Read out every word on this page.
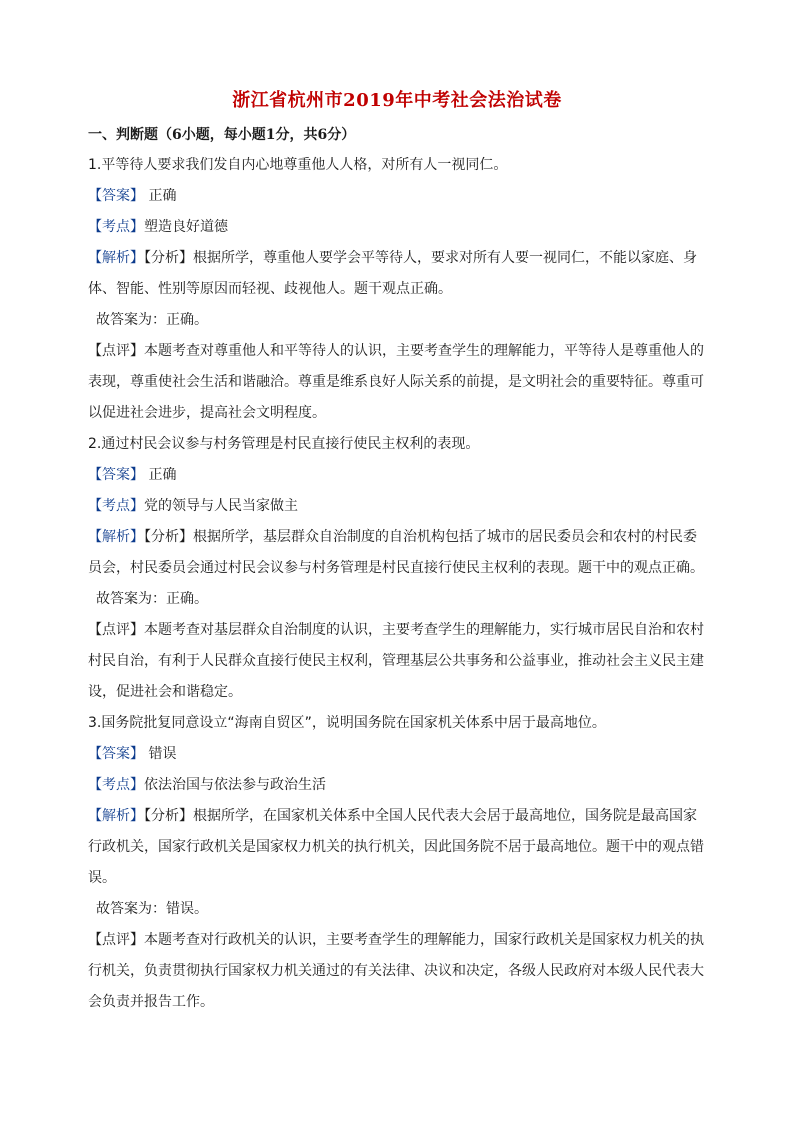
浙江省杭州市2019年中考社会法治试卷
一、判断题（6小题，每小题1分，共6分）
1.平等待人要求我们发自内心地尊重他人人格，对所有人一视同仁。
【答案】 正确
【考点】塑造良好道德
【解析】【分析】根据所学，尊重他人要学会平等待人，要求对所有人要一视同仁，不能以家庭、身
体、智能、性别等原因而轻视、歧视他人。题干观点正确。
故答案为：正确。
【点评】本题考查对尊重他人和平等待人的认识，主要考查学生的理解能力，平等待人是尊重他人的
表现，尊重使社会生活和谐融洽。尊重是维系良好人际关系的前提，是文明社会的重要特征。尊重可
以促进社会进步，提高社会文明程度。
2.通过村民会议参与村务管理是村民直接行使民主权利的表现。
【答案】 正确
【考点】党的领导与人民当家做主
【解析】【分析】根据所学，基层群众自治制度的自治机构包括了城市的居民委员会和农村的村民委
员会，村民委员会通过村民会议参与村务管理是村民直接行使民主权利的表现。题干中的观点正确。
故答案为：正确。
【点评】本题考查对基层群众自治制度的认识，主要考查学生的理解能力，实行城市居民自治和农村
村民自治，有利于人民群众直接行使民主权利，管理基层公共事务和公益事业，推动社会主义民主建
设，促进社会和谐稳定。
3.国务院批复同意设立“海南自贸区”，说明国务院在国家机关体系中居于最高地位。
【答案】 错误
【考点】依法治国与依法参与政治生活
【解析】【分析】根据所学，在国家机关体系中全国人民代表大会居于最高地位，国务院是最高国家
行政机关，国家行政机关是国家权力机关的执行机关，因此国务院不居于最高地位。题干中的观点错
误。
故答案为：错误。
【点评】本题考查对行政机关的认识，主要考查学生的理解能力，国家行政机关是国家权力机关的执
行机关，负责贯彻执行国家权力机关通过的有关法律、决议和决定，各级人民政府对本级人民代表大
会负责并报告工作。
